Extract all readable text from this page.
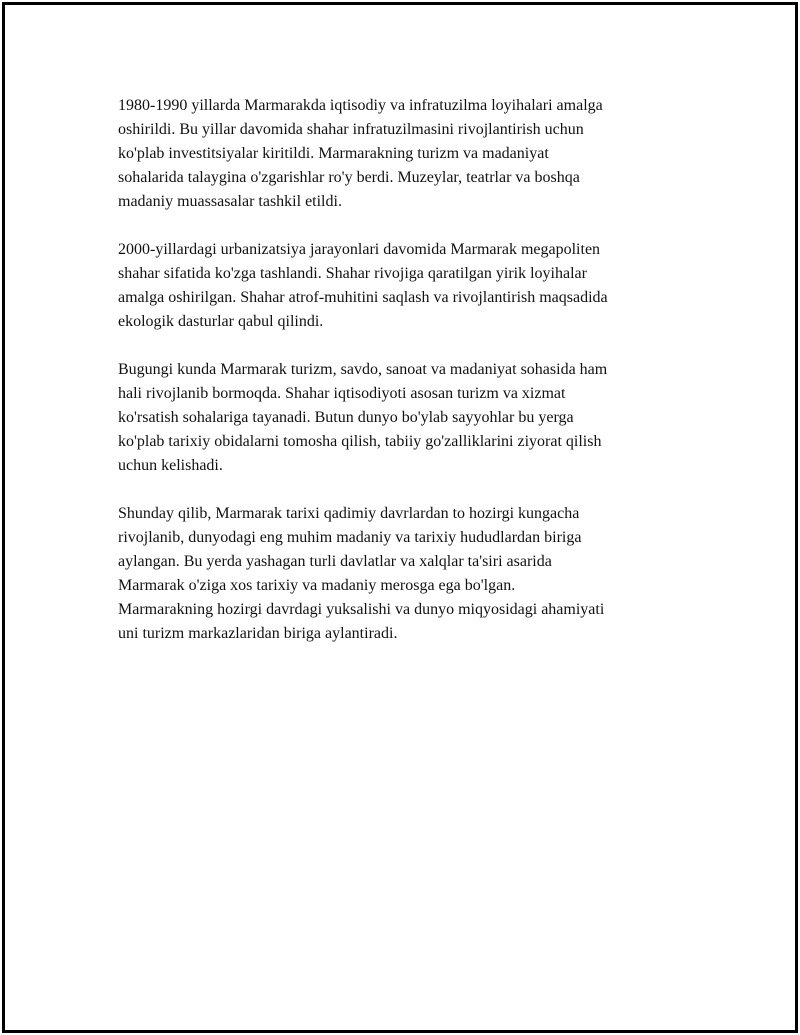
1980-1990 yillarda Marmarakda iqtisodiy va infratuzilma loyihalari amalga
oshirildi. Bu yillar davomida shahar infratuzilmasini rivojlantirish uchun
ko'plab investitsiyalar kiritildi. Marmarakning turizm va madaniyat
sohalarida talaygina o'zgarishlar ro'y berdi. Muzeylar, teatrlar va boshqa
madaniy muassasalar tashkil etildi.

2000-yillardagi urbanizatsiya jarayonlari davomida Marmarak megapoliten
shahar sifatida ko'zga tashlandi. Shahar rivojiga qaratilgan yirik loyihalar
amalga oshirilgan. Shahar atrof-muhitini saqlash va rivojlantirish maqsadida
ekologik dasturlar qabul qilindi.

Bugungi kunda Marmarak turizm, savdo, sanoat va madaniyat sohasida ham
hali rivojlanib bormoqda. Shahar iqtisodiyoti asosan turizm va xizmat
ko'rsatish sohalariga tayanadi. Butun dunyo bo'ylab sayyohlar bu yerga
ko'plab tarixiy obidalarni tomosha qilish, tabiiy go'zalliklarini ziyorat qilish
uchun kelishadi.

Shunday qilib, Marmarak tarixi qadimiy davrlardan to hozirgi kungacha
rivojlanib, dunyodagi eng muhim madaniy va tarixiy hududlardan biriga
aylangan. Bu yerda yashagan turli davlatlar va xalqlar ta'siri asarida
Marmarak o'ziga xos tarixiy va madaniy merosga ega bo'lgan.
Marmarakning hozirgi davrdagi yuksalishi va dunyo miqyosidagi ahamiyati
uni turizm markazlaridan biriga aylantiradi.
